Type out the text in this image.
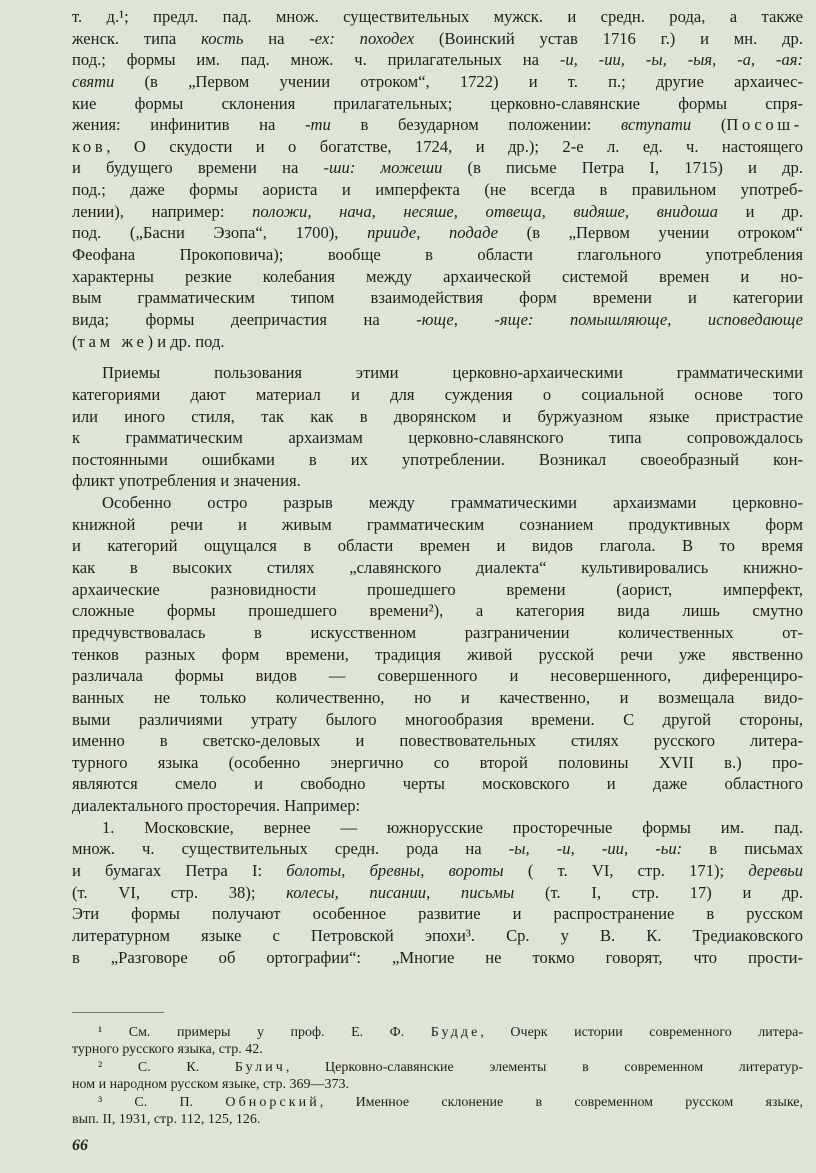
т. д.¹; предл. пад. множ. существительных мужск. и средн. рода, а также
женск. типа кость на -ех: походех (Воинский устав 1716 г.) и мн. др.
под.; формы им. пад. множ. ч. прилагательных на -и, -ии, -ы, -ыя, -а, -ая:
святи (в „Первом учении отроком“, 1722) и т. п.; другие архаичес-
кие формы склонения прилагательных; церковно-славянские формы спря-
жения: инфинитив на -ти в безударном положении: вступати (Посош-
ков, О скудости и о богатстве, 1724, и др.); 2-е л. ед. ч. настоящего
и будущего времени на -ши: можеши (в письме Петра I, 1715) и др.
под.; даже формы аориста и имперфекта (не всегда в правильном употреб-
лении), например: положи, нача, несяше, отвеща, видяше, внидоша и др.
под. („Басни Эзопа“, 1700), прииде, подаде (в „Первом учении отроком“
Феофана Прокоповича); вообще в области глагольного употребления
характерны резкие колебания между архаической системой времен и но-
вым грамматическим типом взаимодействия форм времени и категории
вида; формы деепричастия на -юще, -яще: помышляюще, исповедающе
(там же) и др. под.
Приемы пользования этими церковно-архаическими грамматическими
категориями дают материал и для суждения о социальной основе того
или иного стиля, так как в дворянском и буржуазном языке пристрастие
к грамматическим архаизмам церковно-славянского типа сопровождалось
постоянными ошибками в их употреблении. Возникал своеобразный кон-
фликт употребления и значения.
Особенно остро разрыв между грамматическими архаизмами церковно-
книжной речи и живым грамматическим сознанием продуктивных форм
и категорий ощущался в области времен и видов глагола. В то время
как в высоких стилях „славянского диалекта“ культивировались книжно-
архаические разновидности прошедшего времени (аорист, имперфект,
сложные формы прошедшего времени²), а категория вида лишь смутно
предчувствовалась в искусственном разграничении количественных от-
тенков разных форм времени, традиция живой русской речи уже явственно
различала формы видов — совершенного и несовершенного, диференциро-
ванных не только количественно, но и качественно, и возмещала видо-
выми различиями утрату былого многообразия времени. С другой стороны,
именно в светско-деловых и повествовательных стилях русского литера-
турного языка (особенно энергично со второй половины XVII в.) про-
являются смело и свободно черты московского и даже областного
диалектального просторечия. Например:
1. Московские, вернее — южнорусские просторечные формы им. пад.
множ. ч. существительных средн. рода на -ы, -и, -ии, -ьи: в письмах
и бумагах Петра I: болоты, бревны, вороты ( т. VI, стр. 171); деревьи
(т. VI, стр. 38); колесы, писании, письмы (т. I, стр. 17) и др.
Эти формы получают особенное развитие и распространение в русском
литературном языке с Петровской эпохи³. Ср. у В. К. Тредиаковского
в „Разговоре об ортографии“: „Многие не токмо говорят, что прости-
¹ См. примеры у проф. Е. Ф. Будде, Очерк истории современного литера-
турного русского языка, стр. 42.
² С. К. Булич, Церковно-славянские элементы в современном литератур-
ном и народном русском языке, стр. 369—373.
³ С. П. Обнорский, Именное склонение в современном русском языке,
вып. II, 1931, стр. 112, 125, 126.
66
